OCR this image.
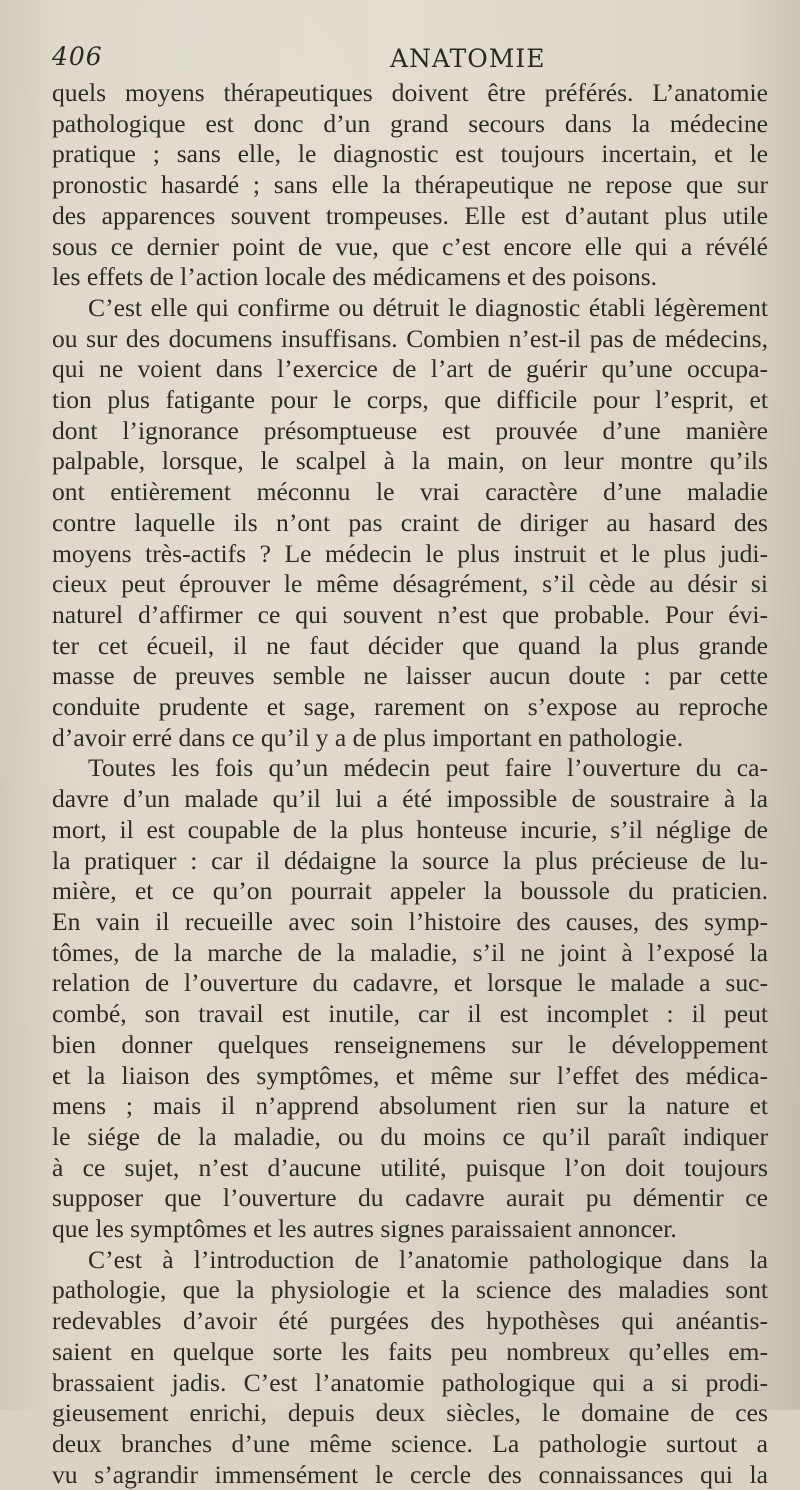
406	ANATOMIE
quels moyens thérapeutiques doivent être préférés. L’anatomie
pathologique est donc d’un grand secours dans la médecine
pratique ; sans elle, le diagnostic est toujours incertain, et le
pronostic hasardé ; sans elle la thérapeutique ne repose que sur
des apparences souvent trompeuses. Elle est d’autant plus utile
sous ce dernier point de vue, que c’est encore elle qui a révélé
les effets de l’action locale des médicamens et des poisons.
C’est elle qui confirme ou détruit le diagnostic établi légèrement
ou sur des documens insuffisans. Combien n’est-il pas de médecins,
qui ne voient dans l’exercice de l’art de guérir qu’une occupa-
tion plus fatigante pour le corps, que difficile pour l’esprit, et
dont l’ignorance présomptueuse est prouvée d’une manière
palpable, lorsque, le scalpel à la main, on leur montre qu’ils
ont entièrement méconnu le vrai caractère d’une maladie
contre laquelle ils n’ont pas craint de diriger au hasard des
moyens très-actifs ? Le médecin le plus instruit et le plus judi-
cieux peut éprouver le même désagrément, s’il cède au désir si
naturel d’affirmer ce qui souvent n’est que probable. Pour évi-
ter cet écueil, il ne faut décider que quand la plus grande
masse de preuves semble ne laisser aucun doute : par cette
conduite prudente et sage, rarement on s’expose au reproche
d’avoir erré dans ce qu’il y a de plus important en pathologie.
Toutes les fois qu’un médecin peut faire l’ouverture du ca-
davre d’un malade qu’il lui a été impossible de soustraire à la
mort, il est coupable de la plus honteuse incurie, s’il néglige de
la pratiquer : car il dédaigne la source la plus précieuse de lu-
mière, et ce qu’on pourrait appeler la boussole du praticien.
En vain il recueille avec soin l’histoire des causes, des symp-
tômes, de la marche de la maladie, s’il ne joint à l’exposé la
relation de l’ouverture du cadavre, et lorsque le malade a suc-
combé, son travail est inutile, car il est incomplet : il peut
bien donner quelques renseignemens sur le développement
et la liaison des symptômes, et même sur l’effet des médica-
mens ; mais il n’apprend absolument rien sur la nature et
le siége de la maladie, ou du moins ce qu’il paraît indiquer
à ce sujet, n’est d’aucune utilité, puisque l’on doit toujours
supposer que l’ouverture du cadavre aurait pu démentir ce
que les symptômes et les autres signes paraissaient annoncer.
C’est à l’introduction de l’anatomie pathologique dans la
pathologie, que la physiologie et la science des maladies sont
redevables d’avoir été purgées des hypothèses qui anéantis-
saient en quelque sorte les faits peu nombreux qu’elles em-
brassaient jadis. C’est l’anatomie pathologique qui a si prodi-
gieusement enrichi, depuis deux siècles, le domaine de ces
deux branches d’une même science. La pathologie surtout a
vu s’agrandir immensément le cercle des connaissances qui la
